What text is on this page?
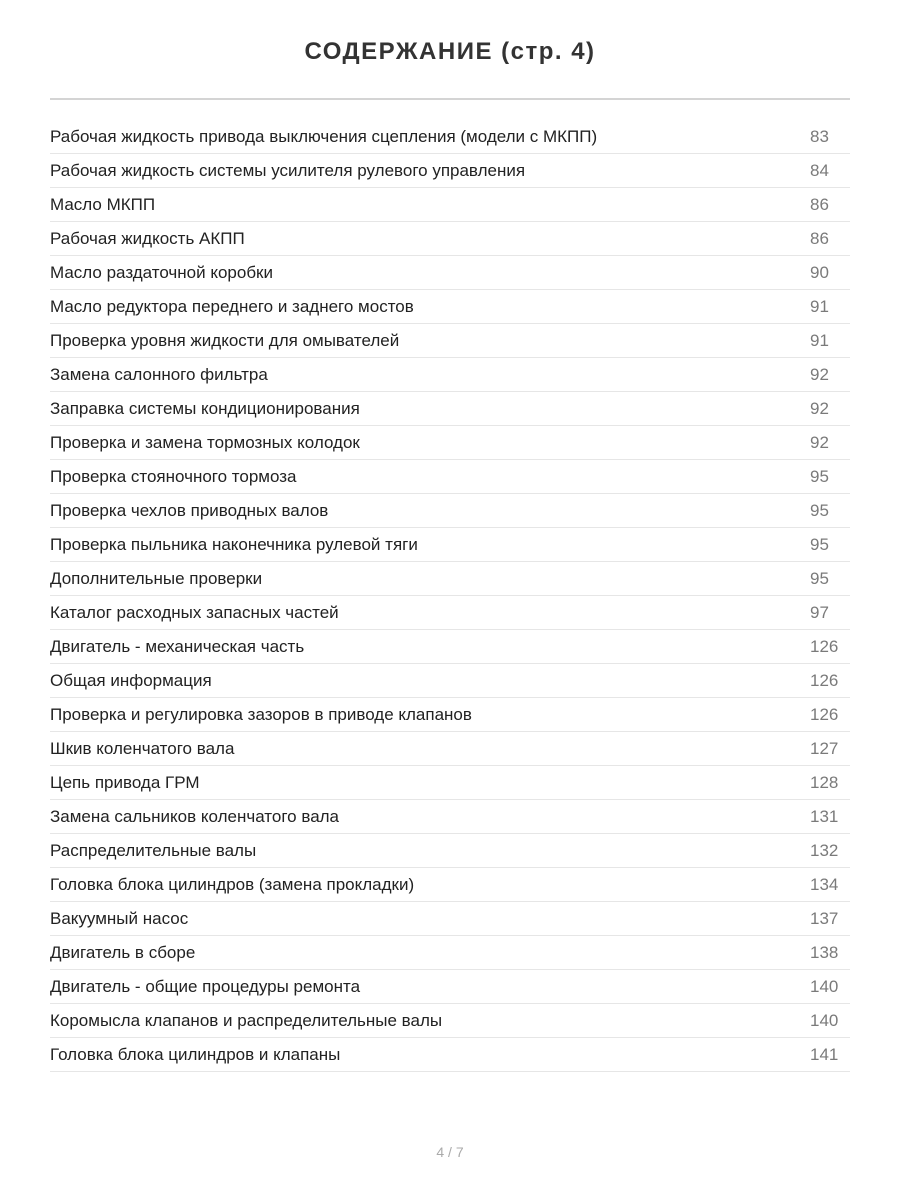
СОДЕРЖАНИЕ (стр. 4)
Рабочая жидкость привода выключения сцепления (модели с МКПП)	83
Рабочая жидкость системы усилителя рулевого управления	84
Масло МКПП	86
Рабочая жидкость АКПП	86
Масло раздаточной коробки	90
Масло редуктора переднего и заднего мостов	91
Проверка уровня жидкости для омывателей	91
Замена салонного фильтра	92
Заправка системы кондиционирования	92
Проверка и замена тормозных колодок	92
Проверка стояночного тормоза	95
Проверка чехлов приводных валов	95
Проверка пыльника наконечника рулевой тяги	95
Дополнительные проверки	95
Каталог расходных запасных частей	97
Двигатель - механическая часть	126
Общая информация	126
Проверка и регулировка зазоров в приводе клапанов	126
Шкив коленчатого вала	127
Цепь привода ГРМ	128
Замена сальников коленчатого вала	131
Распределительные валы	132
Головка блока цилиндров (замена прокладки)	134
Вакуумный насос	137
Двигатель в сборе	138
Двигатель - общие процедуры ремонта	140
Коромысла клапанов и распределительные валы	140
Головка блока цилиндров и клапаны	141
4 / 7
